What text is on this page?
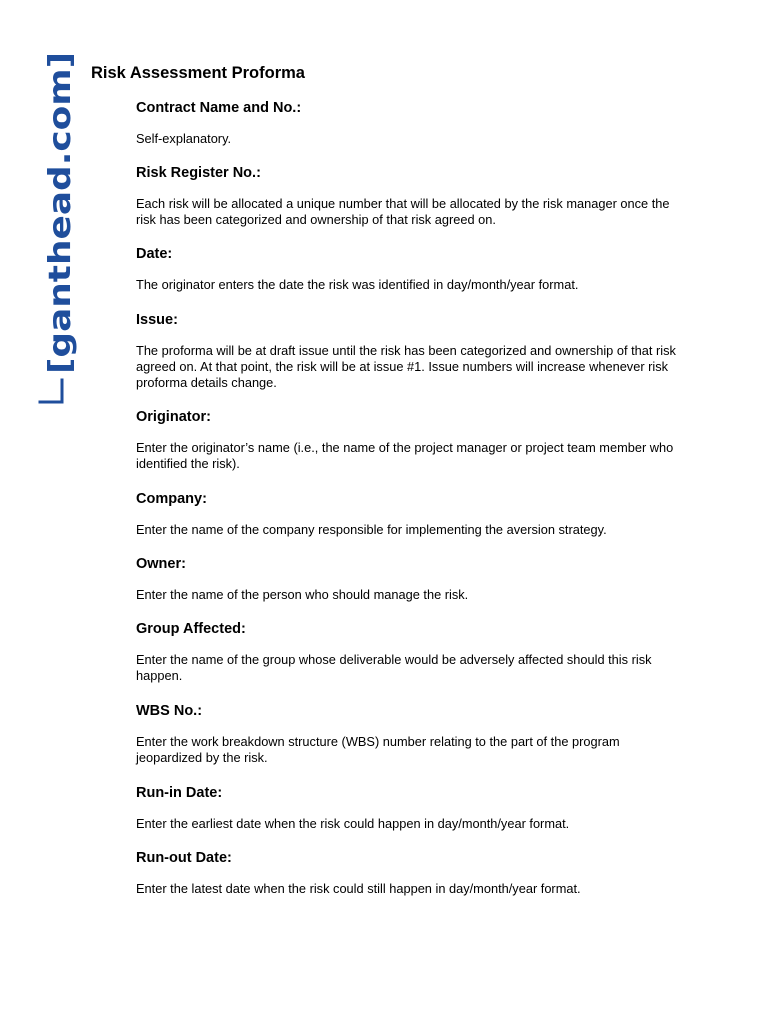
[ganthead.com]
Risk Assessment Proforma
Contract Name and No.:

Self-explanatory.

Risk Register No.:

Each risk will be allocated a unique number that will be allocated by the risk manager once the risk has been categorized and ownership of that risk agreed on.

Date:

The originator enters the date the risk was identified in day/month/year format.

Issue:

The proforma will be at draft issue until the risk has been categorized and ownership of that risk agreed on. At that point, the risk will be at issue #1. Issue numbers will increase whenever risk proforma details change.

Originator:

Enter the originator’s name (i.e., the name of the project manager or project team member who identified the risk).

Company:

Enter the name of the company responsible for implementing the aversion strategy.

Owner:

Enter the name of the person who should manage the risk.

Group Affected:

Enter the name of the group whose deliverable would be adversely affected should this risk happen.

WBS No.:

Enter the work breakdown structure (WBS) number relating to the part of the program jeopardized by the risk.

Run-in Date:

Enter the earliest date when the risk could happen in day/month/year format.

Run-out Date:

Enter the latest date when the risk could still happen in day/month/year format.
